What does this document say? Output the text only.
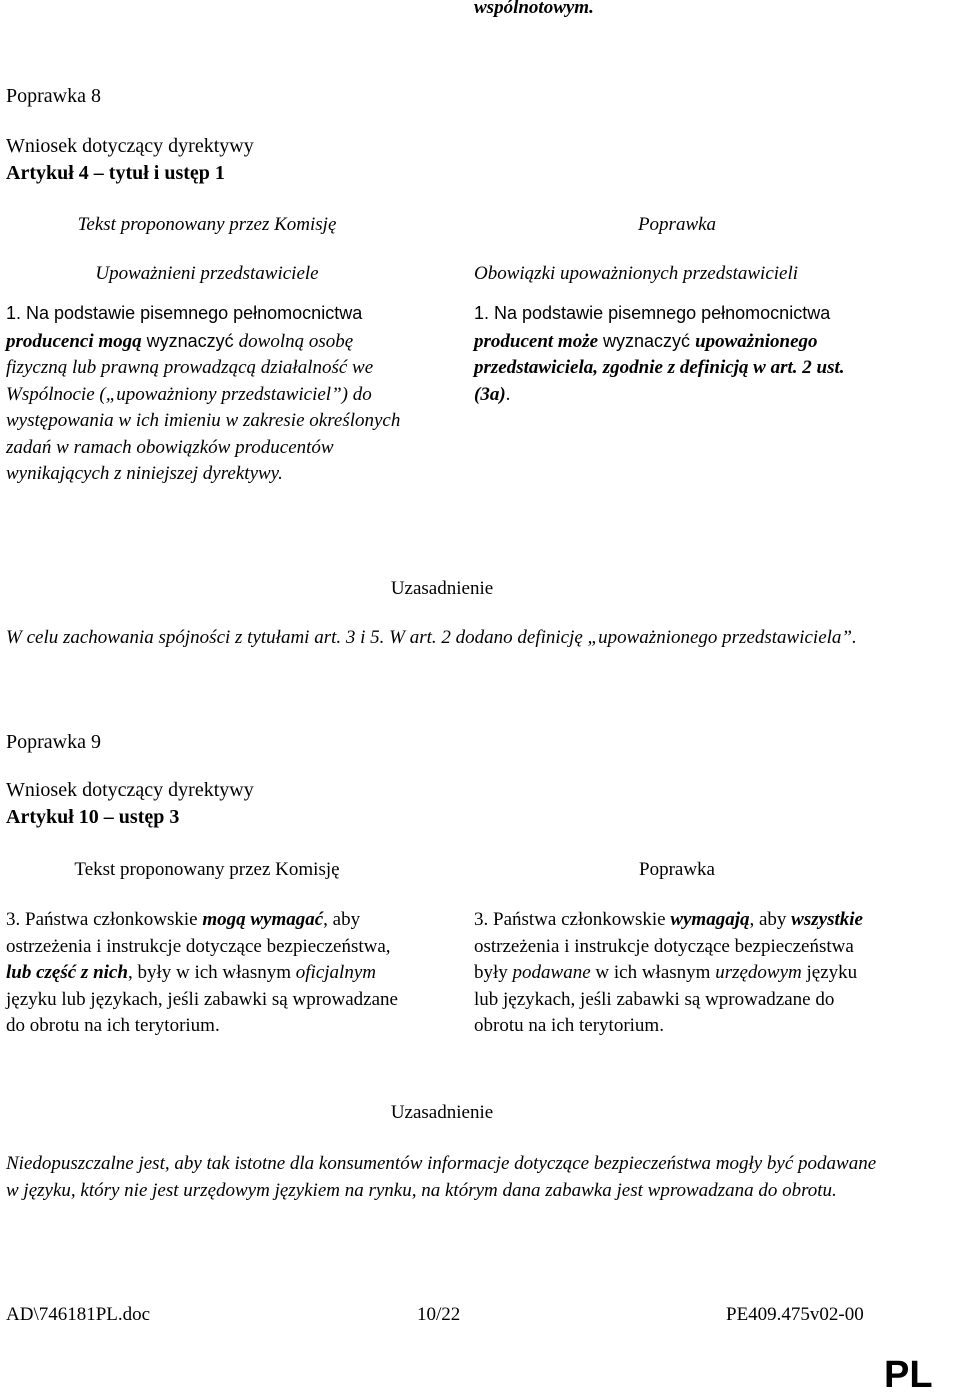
wspólnotowym.
Poprawka 8
Wniosek dotyczący dyrektywy
Artykuł 4 – tytuł i ustęp 1
Tekst proponowany przez Komisję	Poprawka
Upoważnieni przedstawiciele	Obowiązki upoważnionych przedstawicieli
1. Na podstawie pisemnego pełnomocnictwa producenci mogą wyznaczyć dowolną osobę fizyczną lub prawną prowadzącą działalność we Wspólnocie („upoważniony przedstawiciel”) do występowania w ich imieniu w zakresie określonych zadań w ramach obowiązków producentów wynikających z niniejszej dyrektywy.
1. Na podstawie pisemnego pełnomocnictwa producent może wyznaczyć upoważnionego przedstawiciela, zgodnie z definicją w art. 2 ust. (3a).
Uzasadnienie
W celu zachowania spójności z tytułami art. 3 i 5. W art. 2 dodano definicję „upoważnionego przedstawiciela”.
Poprawka 9
Wniosek dotyczący dyrektywy
Artykuł 10 – ustęp 3
Tekst proponowany przez Komisję	Poprawka
3. Państwa członkowskie mogą wymagać, aby ostrzeżenia i instrukcje dotyczące bezpieczeństwa, lub część z nich, były w ich własnym oficjalnym języku lub językach, jeśli zabawki są wprowadzane do obrotu na ich terytorium.
3. Państwa członkowskie wymagają, aby wszystkie ostrzeżenia i instrukcje dotyczące bezpieczeństwa były podawane w ich własnym urzędowym języku lub językach, jeśli zabawki są wprowadzane do obrotu na ich terytorium.
Uzasadnienie
Niedopuszczalne jest, aby tak istotne dla konsumentów informacje dotyczące bezpieczeństwa mogły być podawane w języku, który nie jest urzędowym językiem na rynku, na którym dana zabawka jest wprowadzana do obrotu.
AD\746181PL.doc	10/22	PE409.475v02-00
PL
